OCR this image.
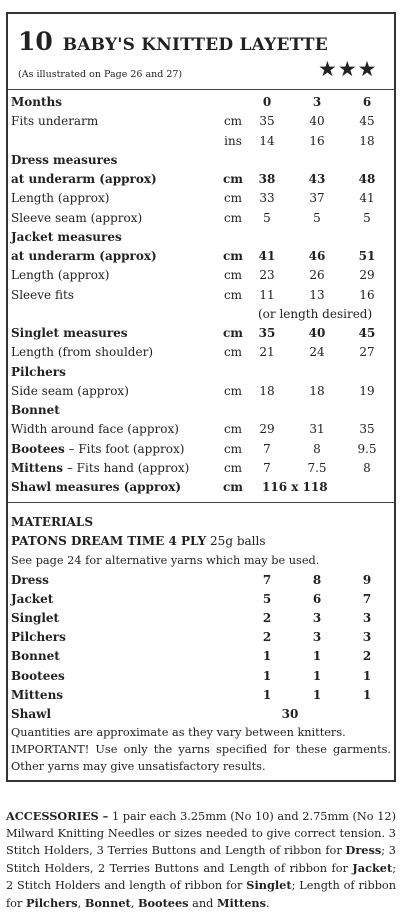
10 BABY'S KNITTED LAYETTE
(As illustrated on Page 26 and 27)	★★★
Months	0	3	6
Fits underarm	cm	35	40	45
ins	14	16	18
Dress measures
at underarm (approx)	cm	38	43	48
Length (approx)	cm	33	37	41
Sleeve seam (approx)	cm	5	5	5
Jacket measures
at underarm (approx)	cm	41	46	51
Length (approx)	cm	23	26	29
Sleeve fits	cm	11	13	16
(or length desired)
Singlet measures	cm	35	40	45
Length (from shoulder)	cm	21	24	27
Pilchers
Side seam (approx)	cm	18	18	19
Bonnet
Width around face (approx)	cm	29	31	35
Bootees – Fits foot (approx)	cm	7	8	9.5
Mittens – Fits hand (approx)	cm	7	7.5	8
Shawl measures (approx)	cm	116 x 118
MATERIALS
PATONS DREAM TIME 4 PLY 25g balls
See page 24 for alternative yarns which may be used.
Dress	7	8	9
Jacket	5	6	7
Singlet	2	3	3
Pilchers	2	3	3
Bonnet	1	1	2
Bootees	1	1	1
Mittens	1	1	1
Shawl	30
Quantities are approximate as they vary between knitters.
IMPORTANT! Use only the yarns specified for these garments. Other yarns may give unsatisfactory results.
ACCESSORIES – 1 pair each 3.25mm (No 10) and 2.75mm (No 12) Milward Knitting Needles or sizes needed to give correct tension. 3 Stitch Holders, 3 Terries Buttons and Length of ribbon for Dress; 3 Stitch Holders, 2 Terries Buttons and Length of ribbon for Jacket; 2 Stitch Holders and length of ribbon for Singlet; Length of ribbon for Pilchers, Bonnet, Bootees and Mittens.
